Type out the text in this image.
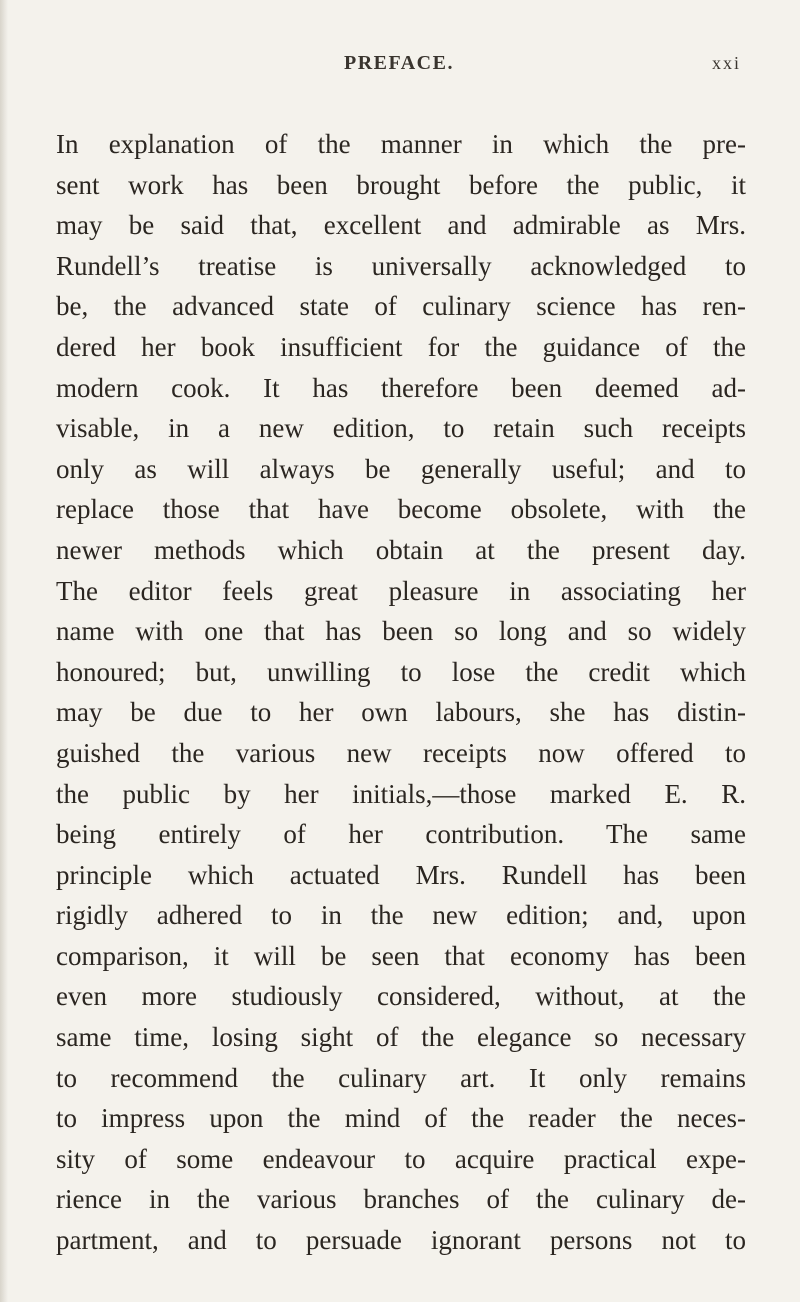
PREFACE.	xxi
In explanation of the manner in which the pre-
sent work has been brought before the public, it
may be said that, excellent and admirable as Mrs.
Rundell’s treatise is universally acknowledged to
be, the advanced state of culinary science has ren-
dered her book insufficient for the guidance of the
modern cook. It has therefore been deemed ad-
visable, in a new edition, to retain such receipts
only as will always be generally useful; and to
replace those that have become obsolete, with the
newer methods which obtain at the present day.
The editor feels great pleasure in associating her
name with one that has been so long and so widely
honoured; but, unwilling to lose the credit which
may be due to her own labours, she has distin-
guished the various new receipts now offered to
the public by her initials,—those marked E. R.
being entirely of her contribution. The same
principle which actuated Mrs. Rundell has been
rigidly adhered to in the new edition; and, upon
comparison, it will be seen that economy has been
even more studiously considered, without, at the
same time, losing sight of the elegance so necessary
to recommend the culinary art. It only remains
to impress upon the mind of the reader the neces-
sity of some endeavour to acquire practical expe-
rience in the various branches of the culinary de-
partment, and to persuade ignorant persons not to
